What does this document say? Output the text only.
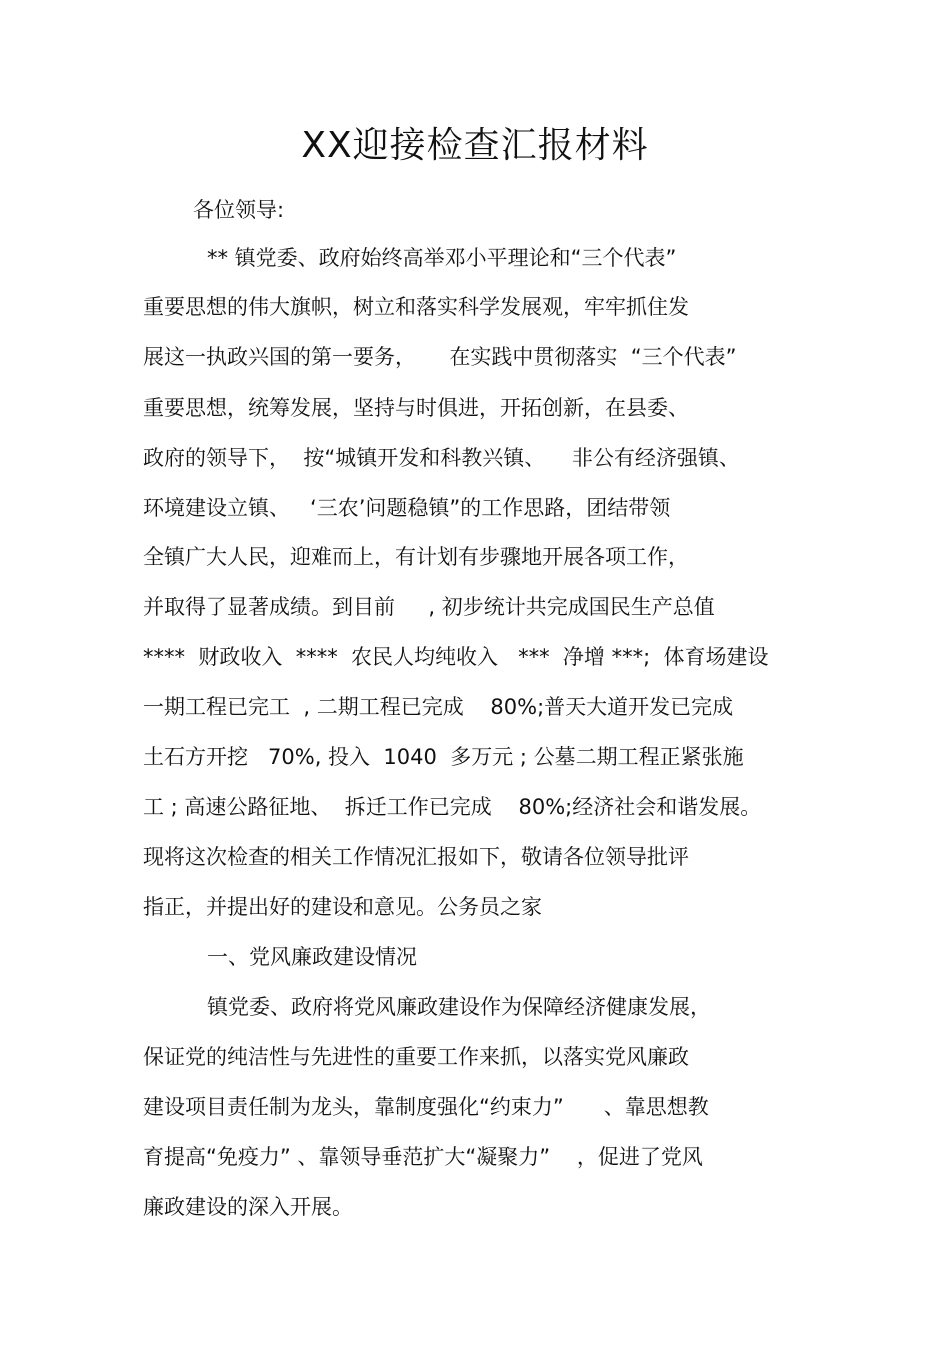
XX迎接检查汇报材料
各位领导:
** 镇党委、政府始终高举邓小平理论和“三个代表”
重要思想的伟大旗帜，树立和落实科学发展观，牢牢抓住发
展这一执政兴国的第一要务，     在实践中贯彻落实  “三个代表”
重要思想，统筹发展，坚持与时俱进，开拓创新，在县委、
政府的领导下，  按“城镇开发和科教兴镇、    非公有经济强镇、
环境建设立镇、   ‘三农’问题稳镇”的工作思路，团结带领
全镇广大人民，迎难而上，有计划有步骤地开展各项工作，
并取得了显著成绩。到目前     , 初步统计共完成国民生产总值
****  财政收入  ****  农民人均纯收入   ***  净增 ***;  体育场建设
一期工程已完工  , 二期工程已完成    80%;普天大道开发已完成
土石方开挖   70%, 投入  1040  多万元 ; 公墓二期工程正紧张施
工 ; 高速公路征地、  拆迁工作已完成    80%;经济社会和谐发展。
现将这次检查的相关工作情况汇报如下，敬请各位领导批评
指正，并提出好的建设和意见。公务员之家
一、党风廉政建设情况
镇党委、政府将党风廉政建设作为保障经济健康发展，
保证党的纯洁性与先进性的重要工作来抓，以落实党风廉政
建设项目责任制为龙头，靠制度强化“约束力”      、靠思想教
育提高“免疫力” 、靠领导垂范扩大“凝聚力”    ，促进了党风
廉政建设的深入开展。
